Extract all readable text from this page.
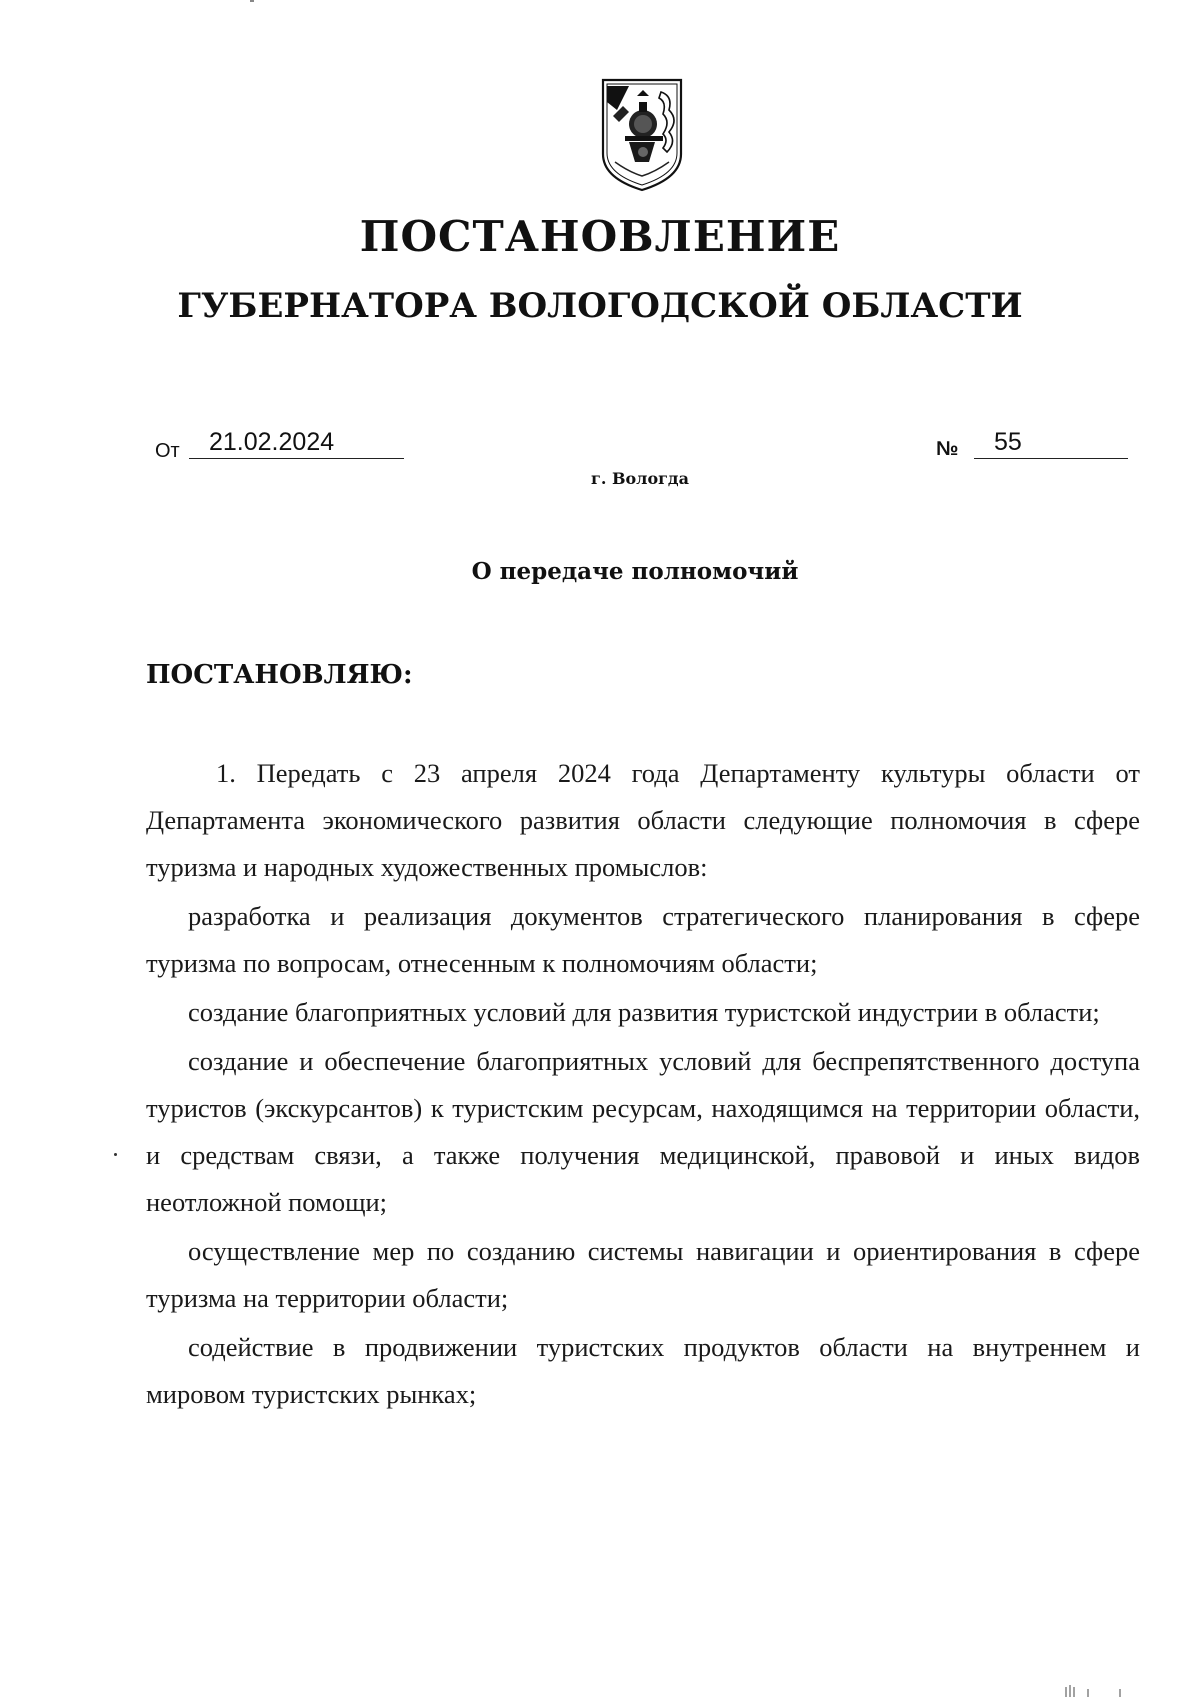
ПОСТАНОВЛЕНИЕ
ГУБЕРНАТОРА ВОЛОГОДСКОЙ ОБЛАСТИ
От	21.02.2024	№	55
г. Вологда
О передаче полномочий

ПОСТАНОВЛЯЮ:

1. Передать с 23 апреля 2024 года Департаменту культуры области от Департамента экономического развития области следующие полномочия в сфере туризма и народных художественных промыслов:

разработка и реализация документов стратегического планирования в сфере туризма по вопросам, отнесенным к полномочиям области;

создание благоприятных условий для развития туристской индустрии в области;

создание и обеспечение благоприятных условий для беспрепятственного доступа туристов (экскурсантов) к туристским ресурсам, находящимся на территории области, и средствам связи, а также получения медицинской, правовой и иных видов неотложной помощи;

осуществление мер по созданию системы навигации и ориентирования в сфере туризма на территории области;

содействие в продвижении туристских продуктов области на внутреннем и мировом туристских рынках;
